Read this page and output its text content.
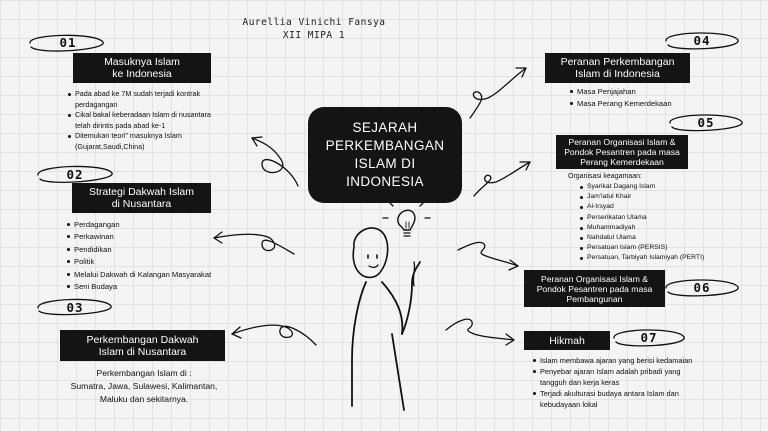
Aurellia Vinichi Fansya
XII MIPA 1
SEJARAH
PERKEMBANGAN
ISLAM DI
INDONESIA
01
Masuknya Islam
ke Indonesia
Pada abad ke 7M sudah terjadi kontrak
perdagangan
Cikal bakal keberadaan Islam di nusantara
telah dirintis pada abad ke-1
Ditemukan teori" masuknya Islam
(Gujarat,Saudi,China)
02
Strategi Dakwah Islam
di Nusantara
Perdagangan
Perkawinan
Pendidikan
Politik
Melalui Dakwah di Kalangan Masyarakat
Seni Budaya
03
Perkembangan Dakwah
Islam di Nusantara
Perkembangan Islam di :
Sumatra, Jawa, Sulawesi, Kalimantan,
Maluku dan sekitarnya.
04
Peranan Perkembangan
Islam di Indonesia
Masa Penjajahan
Masa Perang Kemerdekaan
05
Peranan Organisasi Islam &
Pondok Pesantren pada masa
Perang Kemerdekaan
Organisasi keagamaan:
Syarikat Dagang Islam
Jam'iatul Khair
Al-Irsyad
Perserikatan Ulama
Muhammadiyah
Nahdatul Ulama
Persatuan Islam (PERSIS)
Persatuan, Tarbiyah Islamiyah (PERTI)
06
Peranan Organisasi Islam &
Pondok Pesantren pada masa
Pembangunan
07
Hikmah
Islam membawa ajaran yang berisi kedamaian
Penyebar ajaran Islam adalah pribadi yang
tangguh dan kerja keras
Terjadi akulturasi budaya antara Islam dan
kebudayaan lokal
